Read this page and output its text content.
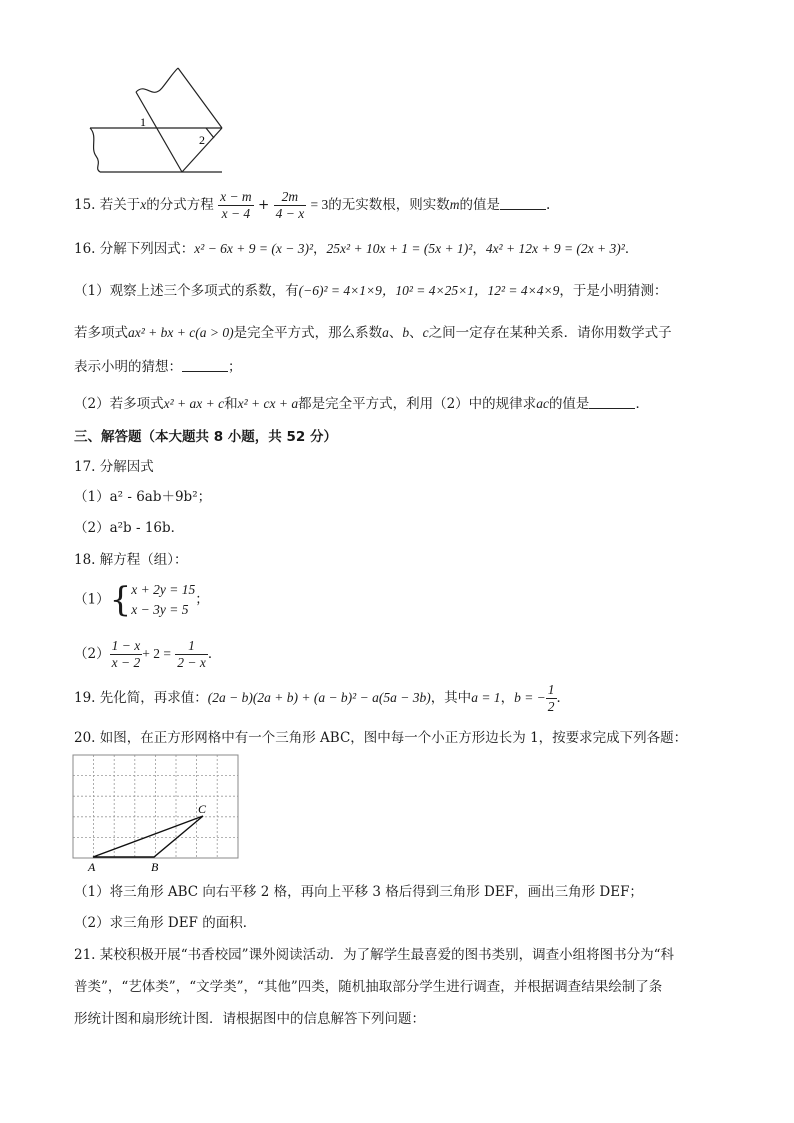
1
2
15. 若关于x的分式方程 $\frac{x - m}{x - 4} + \frac{2m}{4 - x} = 3$的无实数根，则实数m的值是	.
16. 分解下列因式：x² − 6x + 9 = (x − 3)²，25x² + 10x + 1 = (5x + 1)²，4x² + 12x + 9 = (2x + 3)²．
（1）观察上述三个多项式的系数，有(−6)² = 4×1×9，10² = 4×25×1，12² = 4×4×9，于是小明猜测：
若多项式ax² + bx + c(a > 0)是完全平方式，那么系数a、b、c之间一定存在某种关系．请你用数学式子
表示小明的猜想：	；
（2）若多项式x² + ax + c和x² + cx + a都是完全平方式，利用（2）中的规律求ac的值是	．
三、解答题（本大题共 8 小题，共 52 分）
17. 分解因式
（1）a² - 6ab＋9b²；
（2）a²b - 16b．
18. 解方程（组）：
（1）{ x + 2y = 15
x − 3y = 5
；
$(2) \frac{1 - x}{x - 2} + 2 = \frac{1}{2 - x}$ ．
19. 先化简，再求值：(2a − b)(2a + b) + (a − b)² − a(5a − 3b)，其中a = 1，b = − $\frac{1}{2}$ ．
20. 如图，在正方形网格中有一个三角形 ABC，图中每一个小正方形边长为 1，按要求完成下列各题：
A	B
C
（1）将三角形 ABC 向右平移 2 格，再向上平移 3 格后得到三角形 DEF，画出三角形 DEF；
（2）求三角形 DEF 的面积．
21. 某校积极开展“书香校园”课外阅读活动．为了解学生最喜爱的图书类别，调查小组将图书分为“科
普类”，“艺体类”，“文学类”，“其他”四类，随机抽取部分学生进行调查，并根据调查结果绘制了条
形统计图和扇形统计图．请根据图中的信息解答下列问题：
